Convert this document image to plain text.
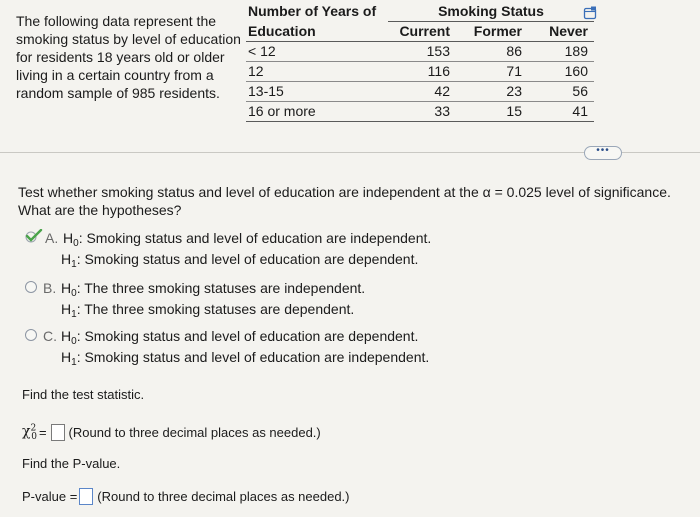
The following data represent the smoking status by level of education for residents 18 years old or older living in a certain country from a random sample of 985 residents.
Number of Years of	Smoking Status		
Education	Current	Former	Never
< 12	153	86	189
12	116	71	160
13-15	42	23	56
16 or more	33	15	41
•••
Test whether smoking status and level of education are independent at the α = 0.025 level of significance.
What are the hypotheses?
A. $H_0$: Smoking status and level of education are independent.
$H_1$: Smoking status and level of education are dependent.
B. $H_0$: The three smoking statuses are independent.
$H_1$: The three smoking statuses are dependent.
C. $H_0$: Smoking status and level of education are dependent.
$H_1$: Smoking status and level of education are independent.
Find the test statistic.
$\chi^2_0$ = (Round to three decimal places as needed.)
Find the P-value.
P-value = (Round to three decimal places as needed.)
